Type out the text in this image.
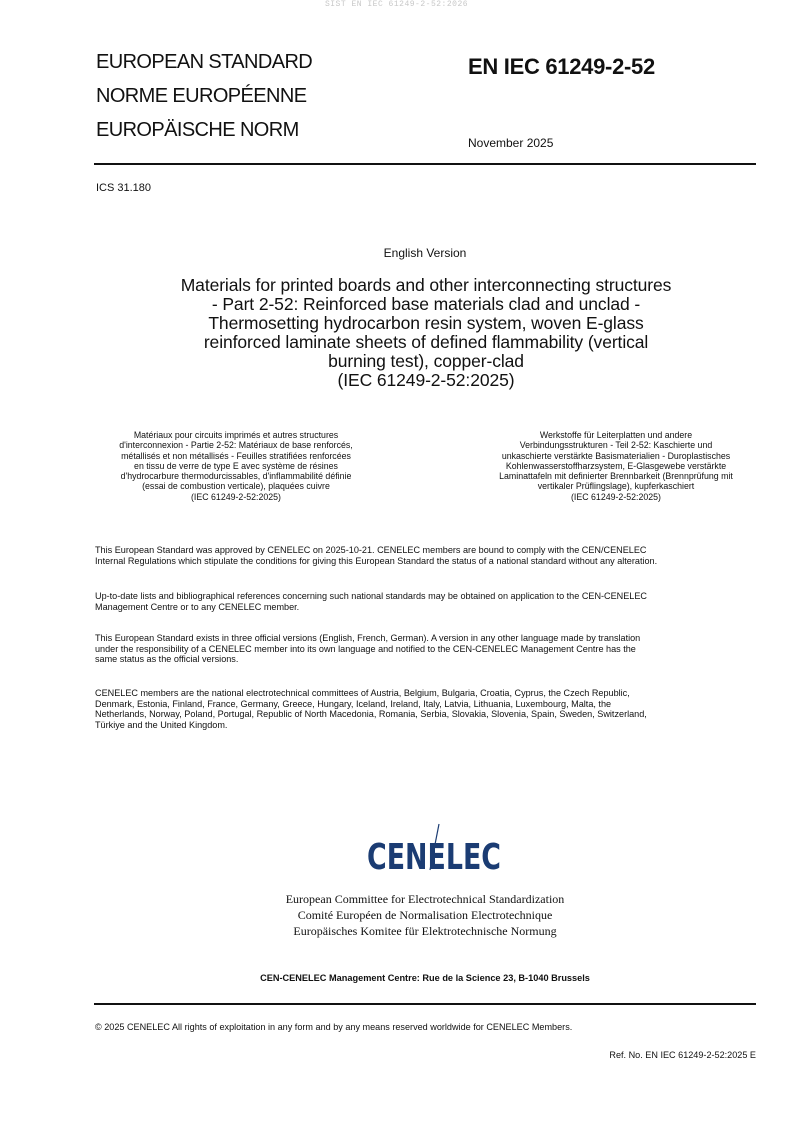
SIST EN IEC 61249-2-52:2026
EUROPEAN STANDARD
NORME EUROPÉENNE
EUROPÄISCHE NORM
EN IEC 61249-2-52
November 2025
ICS 31.180
English Version
Materials for printed boards and other interconnecting structures
- Part 2-52: Reinforced base materials clad and unclad -
Thermosetting hydrocarbon resin system, woven E-glass
reinforced laminate sheets of defined flammability (vertical
burning test), copper-clad
(IEC 61249-2-52:2025)
Matériaux pour circuits imprimés et autres structures
d'interconnexion - Partie 2-52: Matériaux de base renforcés,
métallisés et non métallisés - Feuilles stratifiées renforcées
en tissu de verre de type E avec système de résines
d'hydrocarbure thermodurcissables, d'inflammabilité définie
(essai de combustion verticale), plaquées cuivre
(IEC 61249-2-52:2025)
Werkstoffe für Leiterplatten und andere
Verbindungsstrukturen - Teil 2-52: Kaschierte und
unkaschierte verstärkte Basismaterialien - Duroplastisches
Kohlenwasserstoffharzsystem, E-Glasgewebe verstärkte
Laminattafeln mit definierter Brennbarkeit (Brennprüfung mit
vertikaler Prüflingslage), kupferkaschiert
(IEC 61249-2-52:2025)
This European Standard was approved by CENELEC on 2025-10-21. CENELEC members are bound to comply with the CEN/CENELEC
Internal Regulations which stipulate the conditions for giving this European Standard the status of a national standard without any alteration.
Up-to-date lists and bibliographical references concerning such national standards may be obtained on application to the CEN-CENELEC
Management Centre or to any CENELEC member.
This European Standard exists in three official versions (English, French, German). A version in any other language made by translation
under the responsibility of a CENELEC member into its own language and notified to the CEN-CENELEC Management Centre has the
same status as the official versions.
CENELEC members are the national electrotechnical committees of Austria, Belgium, Bulgaria, Croatia, Cyprus, the Czech Republic,
Denmark, Estonia, Finland, France, Germany, Greece, Hungary, Iceland, Ireland, Italy, Latvia, Lithuania, Luxembourg, Malta, the
Netherlands, Norway, Poland, Portugal, Republic of North Macedonia, Romania, Serbia, Slovakia, Slovenia, Spain, Sweden, Switzerland,
Türkiye and the United Kingdom.
CENELEC
European Committee for Electrotechnical Standardization
Comité Européen de Normalisation Electrotechnique
Europäisches Komitee für Elektrotechnische Normung
CEN-CENELEC Management Centre: Rue de la Science 23, B-1040 Brussels
© 2025 CENELEC All rights of exploitation in any form and by any means reserved worldwide for CENELEC Members.
Ref. No. EN IEC 61249-2-52:2025 E
